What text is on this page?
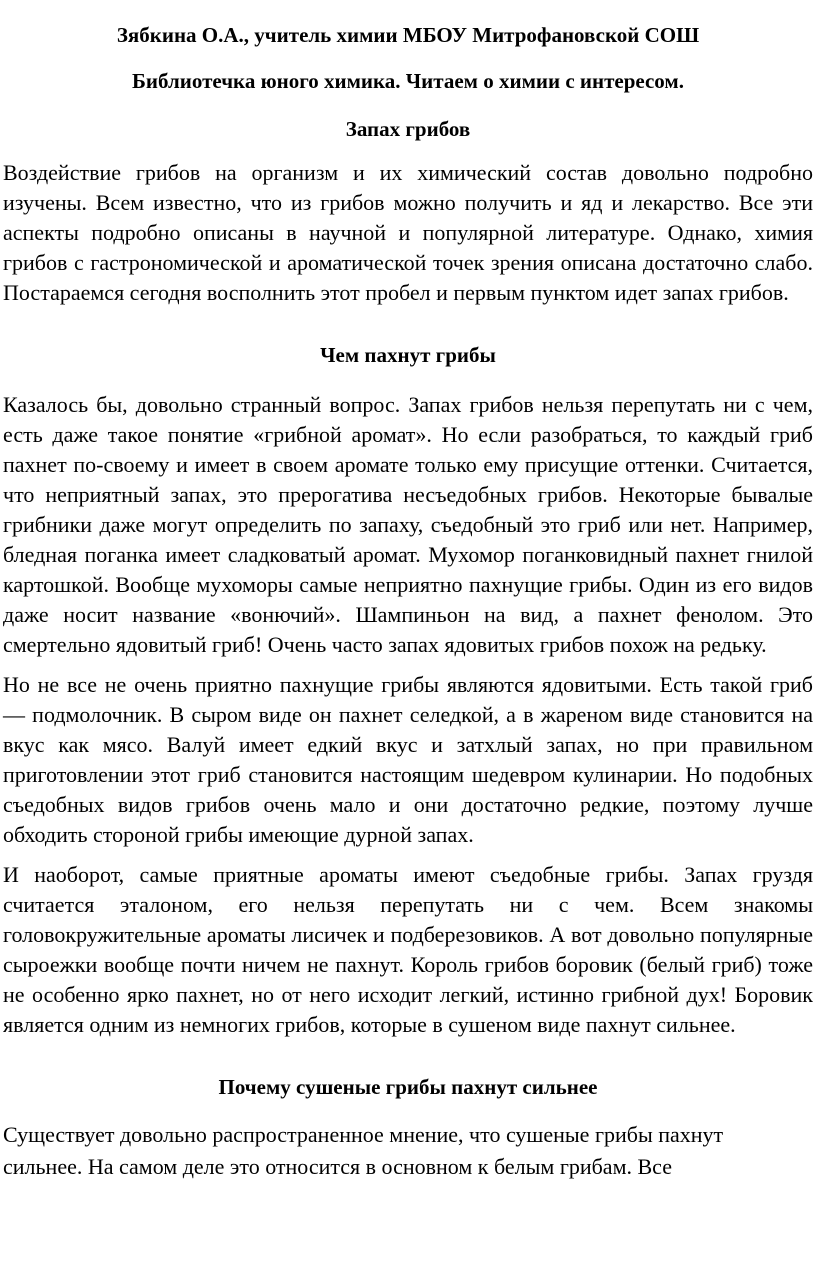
Зябкина О.А., учитель химии МБОУ Митрофановской СОШ

Библиотечка юного химика. Читаем о химии с интересом.

Запах грибов

Воздействие грибов на организм и их химический состав довольно подробно изучены. Всем известно, что из грибов можно получить и яд и лекарство. Все эти аспекты подробно описаны в научной и популярной литературе. Однако, химия грибов с гастрономической и ароматической точек зрения описана достаточно слабо. Постараемся сегодня восполнить этот пробел и первым пунктом идет запах грибов.

Чем пахнут грибы

Казалось бы, довольно странный вопрос. Запах грибов нельзя перепутать ни с чем, есть даже такое понятие «грибной аромат». Но если разобраться, то каждый гриб пахнет по-своему и имеет в своем аромате только ему присущие оттенки. Считается, что неприятный запах, это прерогатива несъедобных грибов. Некоторые бывалые грибники даже могут определить по запаху, съедобный это гриб или нет. Например, бледная поганка имеет сладковатый аромат. Мухомор поганковидный пахнет гнилой картошкой. Вообще мухоморы самые неприятно пахнущие грибы. Один из его видов даже носит название «вонючий». Шампиньон на вид, а пахнет фенолом. Это смертельно ядовитый гриб! Очень часто запах ядовитых грибов похож на редьку.

Но не все не очень приятно пахнущие грибы являются ядовитыми. Есть такой гриб — подмолочник. В сыром виде он пахнет селедкой, а в жареном виде становится на вкус как мясо. Валуй имеет едкий вкус и затхлый запах, но при правильном приготовлении этот гриб становится настоящим шедевром кулинарии. Но подобных съедобных видов грибов очень мало и они достаточно редкие, поэтому лучше обходить стороной грибы имеющие дурной запах.

И наоборот, самые приятные ароматы имеют съедобные грибы. Запах груздя считается эталоном, его нельзя перепутать ни с чем. Всем знакомы головокружительные ароматы лисичек и подберезовиков. А вот довольно популярные сыроежки вообще почти ничем не пахнут. Король грибов боровик (белый гриб) тоже не особенно ярко пахнет, но от него исходит легкий, истинно грибной дух! Боровик является одним из немногих грибов, которые в сушеном виде пахнут сильнее.

Почему сушеные грибы пахнут сильнее

Существует довольно распространенное мнение, что сушеные грибы пахнут

сильнее. На самом деле это относится в основном к белым грибам. Все
